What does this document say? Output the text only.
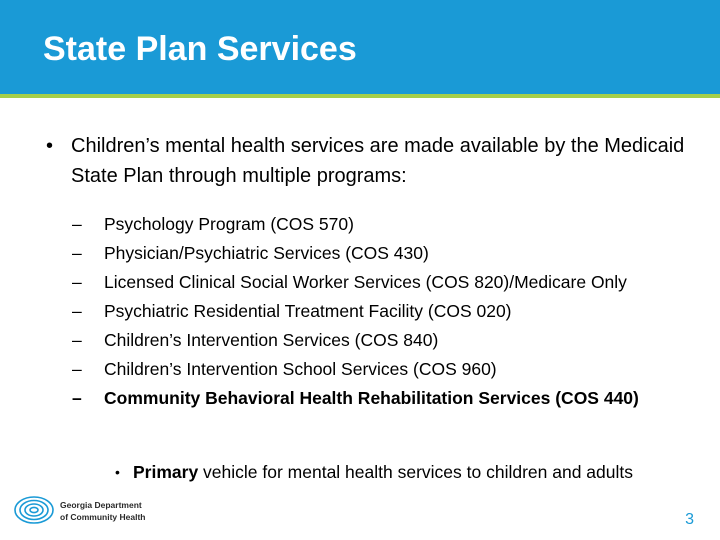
State Plan Services
• Children’s mental health services are made available by the Medicaid State Plan through multiple programs:
– Psychology Program (COS 570)
– Physician/Psychiatric Services (COS 430)
– Licensed Clinical Social Worker Services (COS 820)/Medicare Only
– Psychiatric Residential Treatment Facility (COS 020)
– Children’s Intervention Services (COS 840)
– Children’s Intervention School Services (COS 960)
– Community Behavioral Health Rehabilitation Services (COS 440)
• Primary vehicle for mental health services to children and adults
Georgia Department
of Community Health	3
